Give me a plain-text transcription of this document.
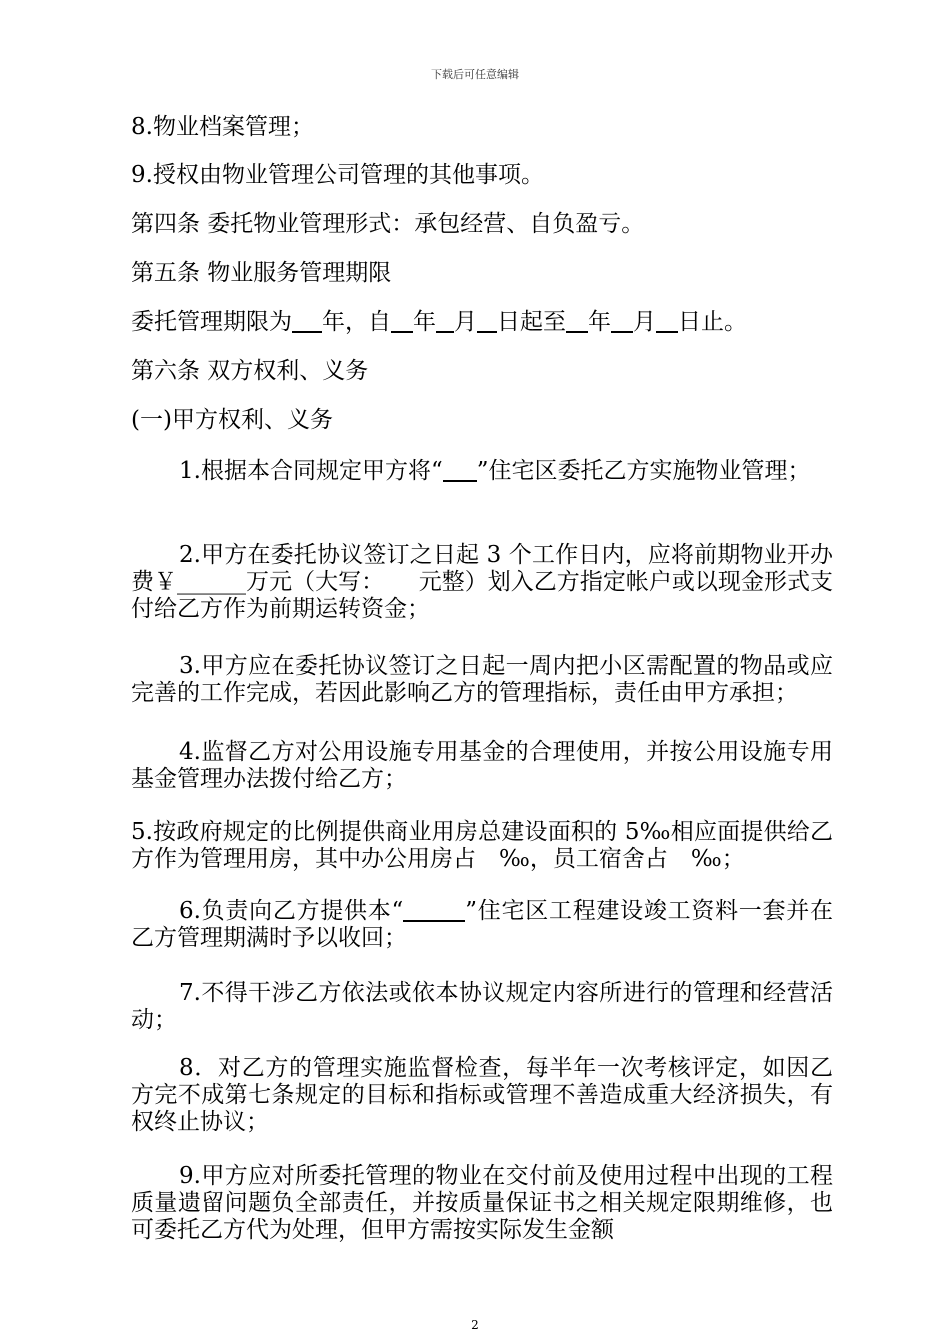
下载后可任意编辑
8.物业档案管理；
9.授权由物业管理公司管理的其他事项。
第四条 委托物业管理形式：承包经营、自负盈亏。
第五条 物业服务管理期限
委托管理期限为 年，自 年 月 日起至 年 月 日止。
第六条 双方权利、义务
(一)甲方权利、义务
1.根据本合同规定甲方将“ ”住宅区委托乙方实施物业管理；
2.甲方在委托协议签订之日起 3 个工作日内，应将前期物业开办费￥______万元（大写：　　元整）划入乙方指定帐户或以现金形式支付给乙方作为前期运转资金；
3.甲方应在委托协议签订之日起一周内把小区需配置的物品或应完善的工作完成，若因此影响乙方的管理指标，责任由甲方承担；
4.监督乙方对公用设施专用基金的合理使用，并按公用设施专用基金管理办法拨付给乙方；
5.按政府规定的比例提供商业用房总建设面积的 5‰相应面提供给乙方作为管理用房，其中办公用房占　‰，员工宿舍占　‰；
6.负责向乙方提供本“	”住宅区工程建设竣工资料一套并在乙方管理期满时予以收回；
7.不得干涉乙方依法或依本协议规定内容所进行的管理和经营活动；
8．对乙方的管理实施监督检查，每半年一次考核评定，如因乙方完不成第七条规定的目标和指标或管理不善造成重大经济损失，有权终止协议；
9.甲方应对所委托管理的物业在交付前及使用过程中出现的工程质量遗留问题负全部责任，并按质量保证书之相关规定限期维修，也可委托乙方代为处理，但甲方需按实际发生金额
2
